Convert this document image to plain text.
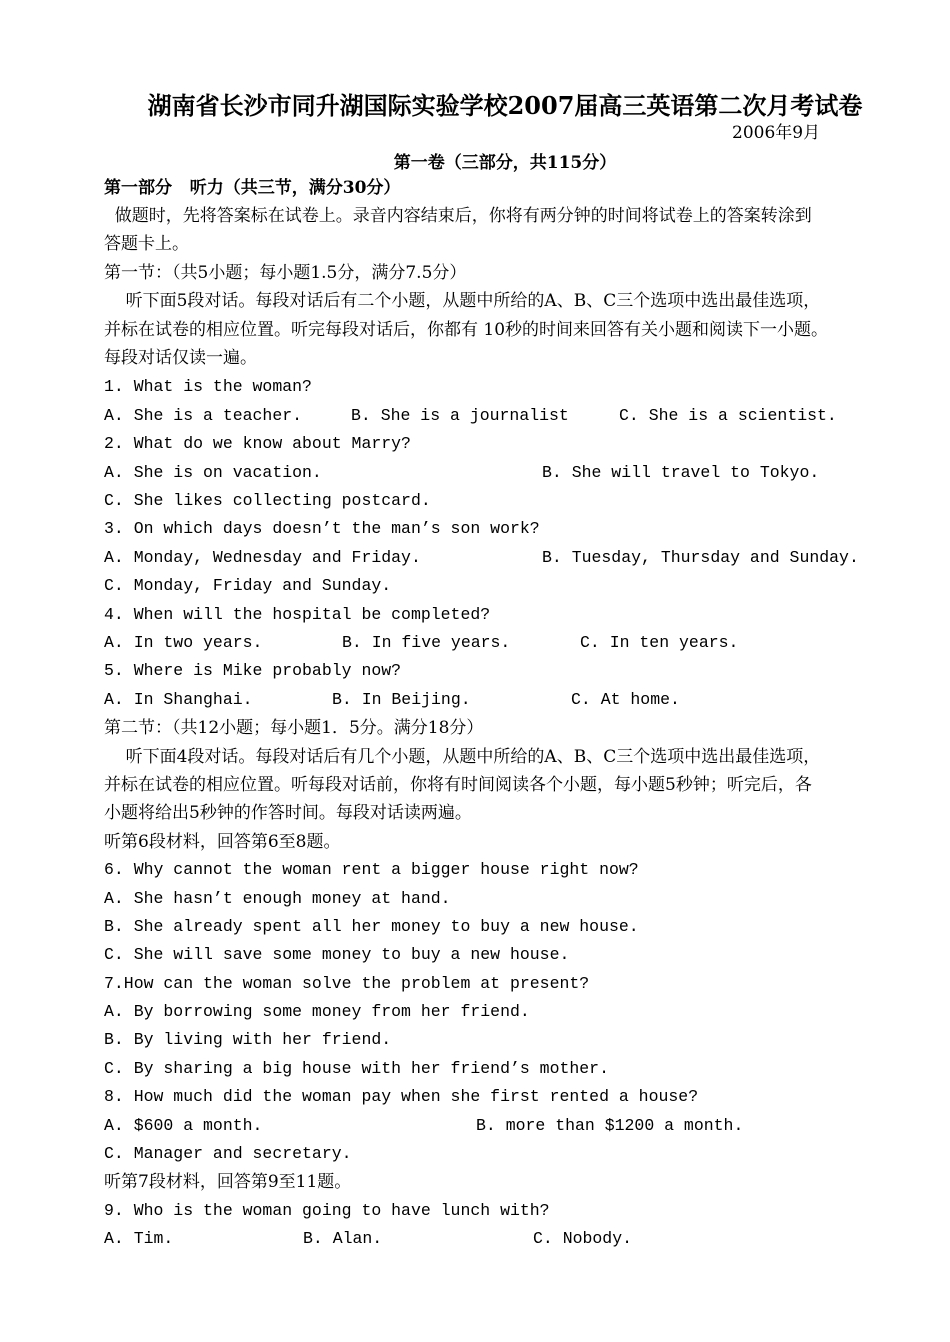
湖南省长沙市同升湖国际实验学校2007届高三英语第二次月考试卷
2006年9月
第一卷（三部分，共115分）
第一部分   听力（共三节，满分30分）
做题时，先将答案标在试卷上。录音内容结束后，你将有两分钟的时间将试卷上的答案转涂到
答题卡上。
第一节：（共5小题；每小题1.5分，满分7.5分）
听下面5段对话。每段对话后有二个小题，从题中所给的A、B、C三个选项中选出最佳选项，
并标在试卷的相应位置。听完每段对话后，你都有 10秒的时间来回答有关小题和阅读下一小题。
每段对话仅读一遍。
1. What is the woman?
A. She is a teacher.	B. She is a journalist	C. She is a scientist.
2. What do we know about Marry?
A. She is on vacation.	B. She will travel to Tokyo.
C. She likes collecting postcard.
3. On which days doesn’t the man’s son work?
A. Monday, Wednesday and Friday.	B. Tuesday, Thursday and Sunday.
C. Monday, Friday and Sunday.
4. When will the hospital be completed?
A. In two years.	B. In five years.	C. In ten years.
5. Where is Mike probably now?
A. In Shanghai.	B. In Beijing.	C. At home.
第二节：（共12小题；每小题1．5分。满分18分）
听下面4段对话。每段对话后有几个小题，从题中所给的A、B、C三个选项中选出最佳选项，
并标在试卷的相应位置。听每段对话前，你将有时间阅读各个小题，每小题5秒钟；听完后，各
小题将给出5秒钟的作答时间。每段对话读两遍。
听第6段材料，回答第6至8题。
6. Why cannot the woman rent a bigger house right now?
A. She hasn’t enough money at hand.
B. She already spent all her money to buy a new house.
C. She will save some money to buy a new house.
7.How can the woman solve the problem at present?
A. By borrowing some money from her friend.
B. By living with her friend.
C. By sharing a big house with her friend’s mother.
8. How much did the woman pay when she first rented a house?
A. $600 a month.	B. more than $1200 a month.
C. Manager and secretary.
听第7段材料，回答第9至11题。
9. Who is the woman going to have lunch with?
A. Tim.	B. Alan.	C. Nobody.
